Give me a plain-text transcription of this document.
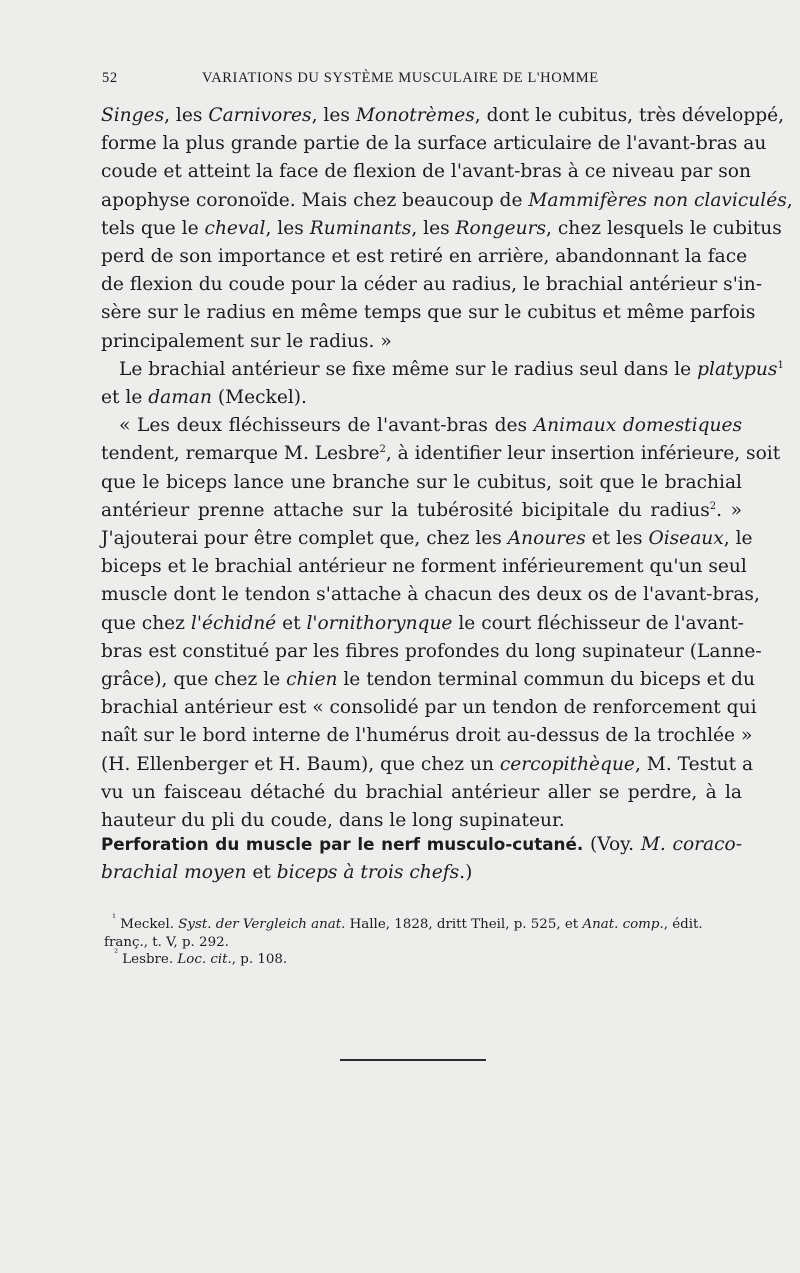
52	VARIATIONS DU SYSTÈME MUSCULAIRE DE L'HOMME
Singes, les Carnivores, les Monotrèmes, dont le cubitus, très développé,
forme la plus grande partie de la surface articulaire de l'avant-bras au
coude et atteint la face de flexion de l'avant-bras à ce niveau par son
apophyse coronoïde. Mais chez beaucoup de Mammifères non claviculés,
tels que le cheval, les Ruminants, les Rongeurs, chez lesquels le cubitus
perd de son importance et est retiré en arrière, abandonnant la face
de flexion du coude pour la céder au radius, le brachial antérieur s'in-
sère sur le radius en même temps que sur le cubitus et même parfois
principalement sur le radius. »
Le brachial antérieur se fixe même sur le radius seul dans le platypus$^1$
et le daman (Meckel).
« Les deux fléchisseurs de l'avant-bras des Animaux domestiques
tendent, remarque M. Lesbre$^2$, à identifier leur insertion inférieure, soit
que le biceps lance une branche sur le cubitus, soit que le brachial
antérieur prenne attache sur la tubérosité bicipitale du radius$^2$. »
J'ajouterai pour être complet que, chez les Anoures et les Oiseaux, le
biceps et le brachial antérieur ne forment inférieurement qu'un seul
muscle dont le tendon s'attache à chacun des deux os de l'avant-bras,
que chez l'échidné et l'ornithorynque le court fléchisseur de l'avant-
bras est constitué par les fibres profondes du long supinateur (Lanne-
grâce), que chez le chien le tendon terminal commun du biceps et du
brachial antérieur est « consolidé par un tendon de renforcement qui
naît sur le bord interne de l'humérus droit au-dessus de la trochlée »
(H. Ellenberger et H. Baum), que chez un cercopithèque, M. Testut a
vu un faisceau détaché du brachial antérieur aller se perdre, à la
hauteur du pli du coude, dans le long supinateur.
Perforation du muscle par le nerf musculo-cutané. (Voy. M. coraco-
brachial moyen et biceps à trois chefs.)
$^{^1}$ Meckel. Syst. der Vergleich anat. Halle, 1828, dritt Theil, p. 525, et Anat. comp., édit.
franç., t. V, p. 292.
$^{^2}$ Lesbre. Loc. cit., p. 108.
